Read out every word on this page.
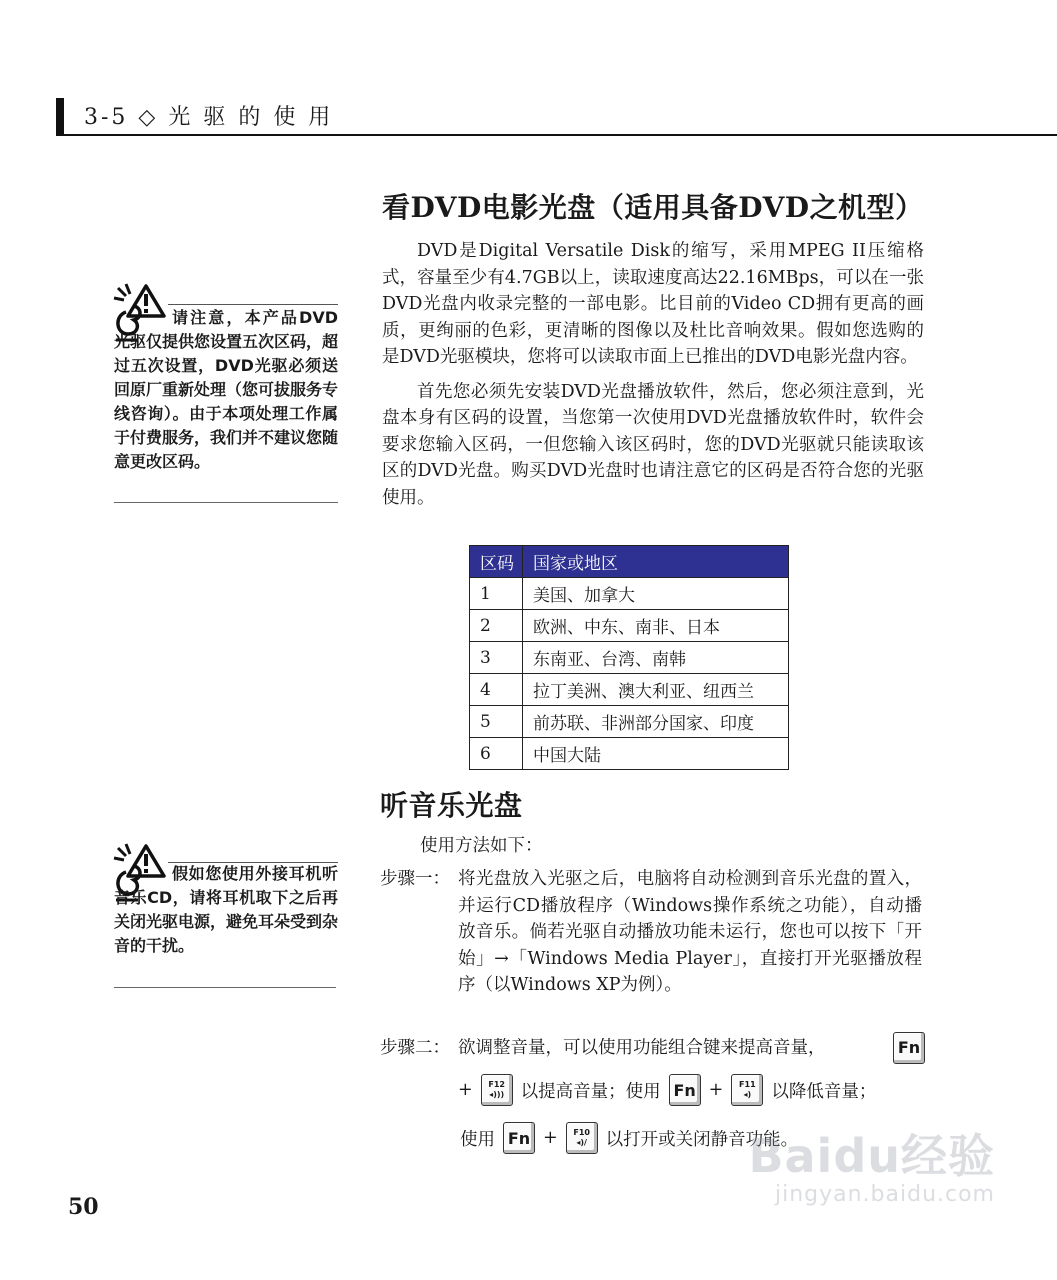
3-5 ◇ 光 驱 的 使 用

请注意，本产品DVD光驱仅提供您设置五次区码，超过五次设置，DVD光驱必须送回原厂重新处理（您可拔服务专线咨询）。由于本项处理工作属于付费服务，我们并不建议您随意更改区码。

假如您使用外接耳机听音乐CD，请将耳机取下之后再关闭光驱电源，避免耳朵受到杂音的干扰。

看DVD电影光盘（适用具备DVD之机型）

DVD是Digital Versatile Disk的缩写，采用MPEG II压缩格式，容量至少有4.7GB以上，读取速度高达22.16MBps，可以在一张DVD光盘内收录完整的一部电影。比目前的Video CD拥有更高的画质，更绚丽的色彩，更清晰的图像以及杜比音响效果。假如您选购的是DVD光驱模块，您将可以读取市面上已推出的DVD电影光盘内容。

首先您必须先安装DVD光盘播放软件，然后，您必须注意到，光盘本身有区码的设置，当您第一次使用DVD光盘播放软件时，软件会要求您输入区码，一但您输入该区码时，您的DVD光驱就只能读取该区的DVD光盘。购买DVD光盘时也请注意它的区码是否符合您的光驱使用。

区码	国家或地区
1	美国、加拿大
2	欧洲、中东、南非、日本
3	东南亚、台湾、南韩
4	拉丁美洲、澳大利亚、纽西兰
5	前苏联、非洲部分国家、印度
6	中国大陆
听音乐光盘
使用方法如下：
步骤一： 将光盘放入光驱之后，电脑将自动检测到音乐光盘的置入，并运行CD播放程序（Windows操作系统之功能），自动播放音乐。倘若光驱自动播放功能未运行，您也可以按下「开始」→「Windows Media Player」，直接打开光驱播放程序（以Windows XP为例）。
步骤二： 欲调整音量，可以使用功能组合键来提高音量，	Fn
+ F12
◂))) 以提高音量；使用 Fn + F11
◂) 以降低音量；
使用 Fn + F10
◂)/ 以打开或关闭静音功能。
50
Baidu经验
jingyan.baidu.com
